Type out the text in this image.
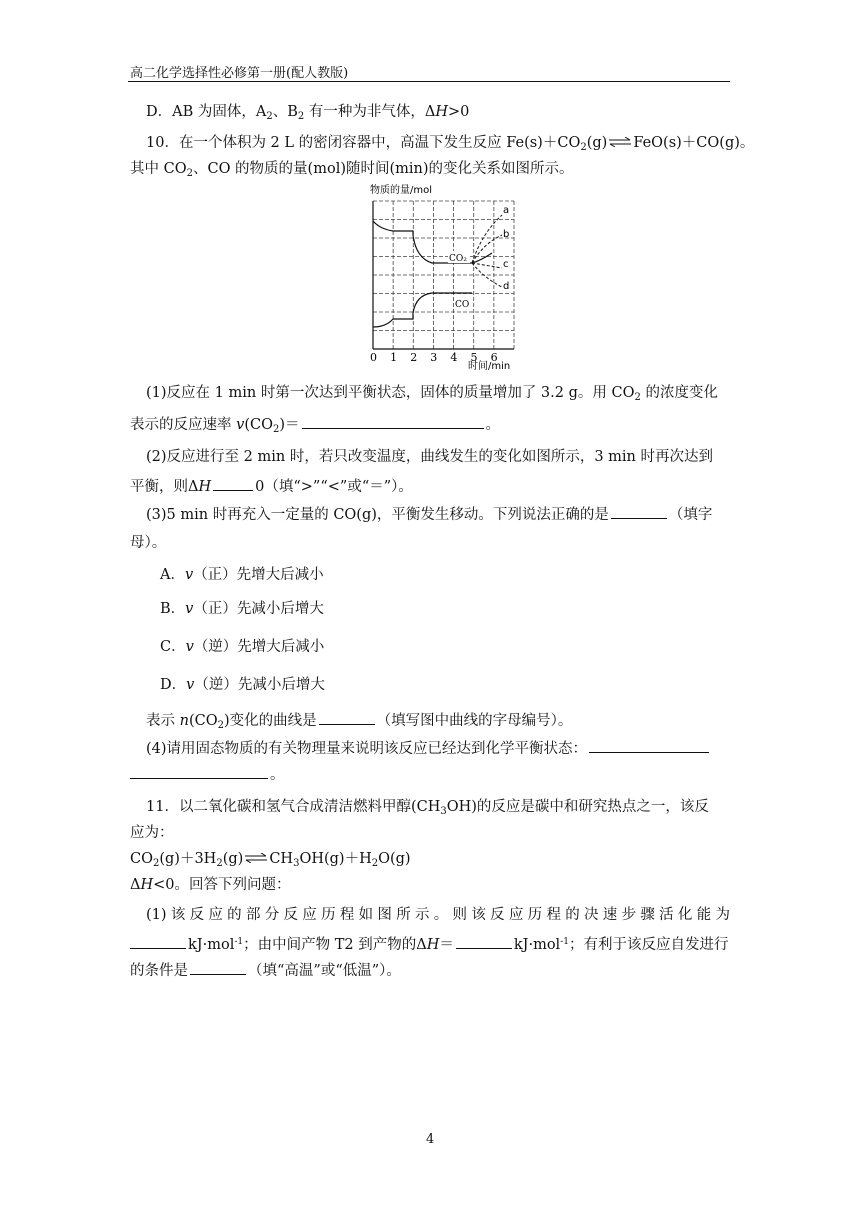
高二化学选择性必修第一册(配人教版)
D．AB 为固体，$A_2$、$B_2$ 有一种为非气体，ΔH>0
10．在一个体积为 2 L 的密闭容器中，高温下发生反应 $Fe(s)+CO_2(g)\rightleftharpoons FeO(s)+CO(g)$。
其中 $CO_2$、CO 的物质的量(mol)随时间(min)的变化关系如图所示。
物质的量/mol
0 1 2 3 4 5 6
时间/min
a
b
c
d
CO₂
CO
(1)反应在 1 min 时第一次达到平衡状态，固体的质量增加了 3.2 g。用 $CO_2$ 的浓度变化
表示的反应速率 $v(CO_2)=$	。
(2)反应进行至 2 min 时，若只改变温度，曲线发生的变化如图所示，3 min 时再次达到
平衡，则ΔH	0（填“>”“<”或“＝”）。
(3)5 min 时再充入一定量的 CO(g)，平衡发生移动。下列说法正确的是	（填字
母）。
A．v（正）先增大后减小
B．v（正）先减小后增大
C．v（逆）先增大后减小
D．v（逆）先减小后增大
表示 $n(CO_2)$变化的曲线是	（填写图中曲线的字母编号）。
(4)请用固态物质的有关物理量来说明该反应已经达到化学平衡状态：
。
11．以二氧化碳和氢气合成清洁燃料甲醇$(CH_3OH)$的反应是碳中和研究热点之一，该反
应为：
$CO_2(g)+3H_2(g)\rightleftharpoons CH_3OH(g)+H_2O(g)$
ΔH<0。回答下列问题：
(1) 该 反 应 的 部 分 反 应 历 程 如 图 所 示 。 则 该 反 应 历 程 的 决 速 步 骤 活 化 能 为
kJ·mol$^{-1}$；由中间产物 T2 到产物的ΔH＝	kJ·mol$^{-1}$；有利于该反应自发进行
的条件是	（填“高温”或“低温”）。
4
